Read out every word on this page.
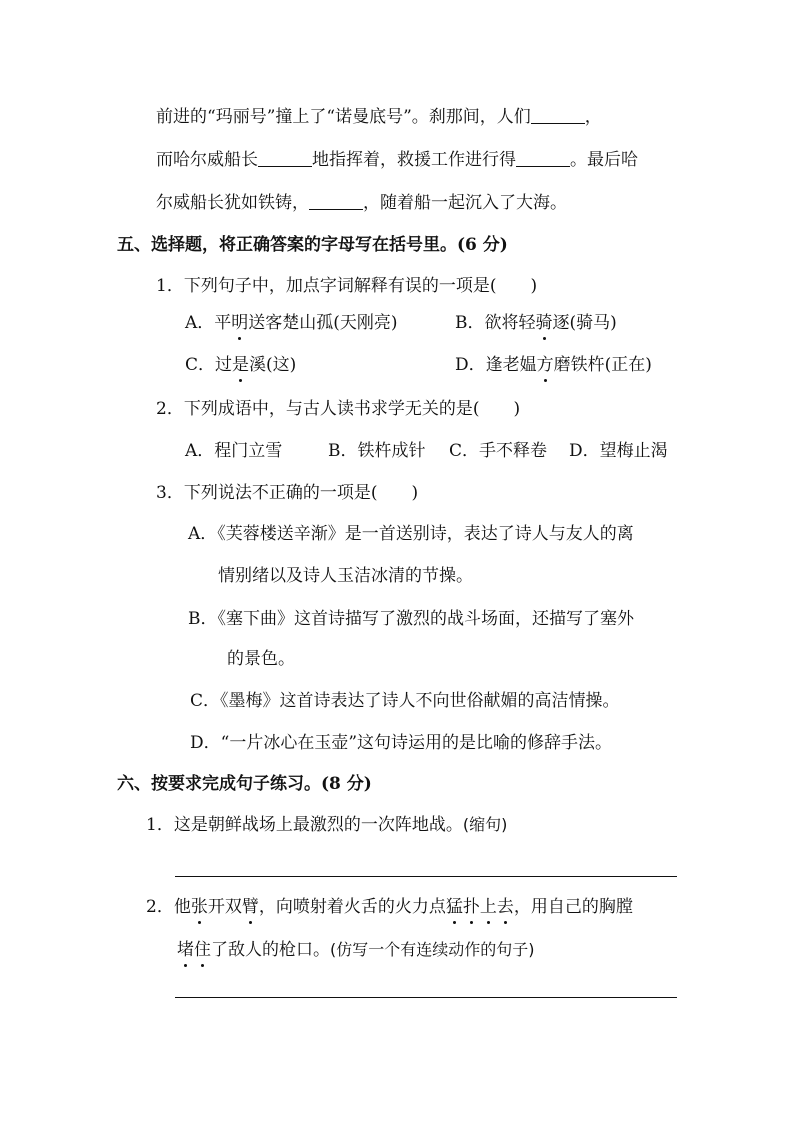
前进的“玛丽号”撞上了“诺曼底号”。刹那间，人们	，
而哈尔威船长	地指挥着，救援工作进行得	。最后哈
尔威船长犹如铁铸，	，随着船一起沉入了大海。
五、选择题，将正确答案的字母写在括号里。(6 分)
1．下列句子中，加点字词解释有误的一项是(　　)
A．平明送客楚山孤(天刚亮)	B．欲将轻骑逐(骑马)
C．过是溪(这)	D．逢老媪方磨铁杵(正在)
2．下列成语中，与古人读书求学无关的是(　　)
A．程门立雪	B．铁杵成针 C．手不释卷 D．望梅止渴
3．下列说法不正确的一项是(　　)
A．《芙蓉楼送辛渐》是一首送别诗，表达了诗人与友人的离
情别绪以及诗人玉洁冰清的节操。
B．《塞下曲》这首诗描写了激烈的战斗场面，还描写了塞外
的景色。
C．《墨梅》这首诗表达了诗人不向世俗献媚的高洁情操。
D．“一片冰心在玉壶”这句诗运用的是比喻的修辞手法。
六、按要求完成句子练习。(8 分)
1．这是朝鲜战场上最激烈的一次阵地战。(缩句)
2．他张开双臂，向喷射着火舌的火力点猛扑上去，用自己的胸膛
堵住了敌人的枪口。(仿写一个有连续动作的句子)
